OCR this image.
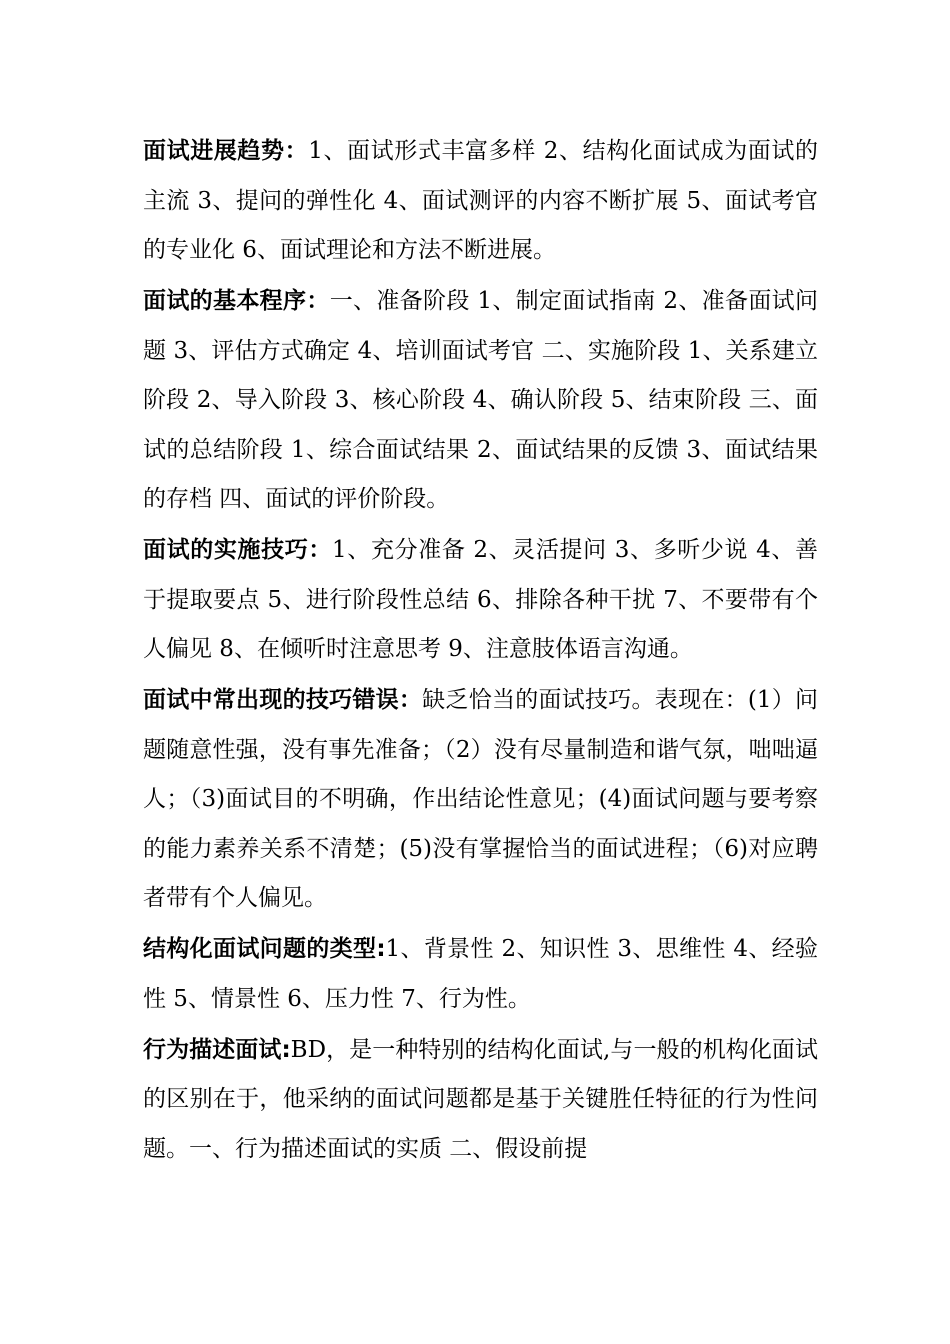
面试进展趋势：1、面试形式丰富多样 2、结构化面试成为面试的主流 3、提问的弹性化 4、面试测评的内容不断扩展 5、面试考官的专业化 6、面试理论和方法不断进展。

面试的基本程序：一、准备阶段 1、制定面试指南 2、准备面试问题 3、评估方式确定 4、培训面试考官 二、实施阶段 1、关系建立阶段 2、导入阶段 3、核心阶段 4、确认阶段 5、结束阶段 三、面试的总结阶段 1、综合面试结果 2、面试结果的反馈 3、面试结果的存档 四、面试的评价阶段。

面试的实施技巧：1、充分准备 2、灵活提问 3、多听少说 4、善于提取要点 5、进行阶段性总结 6、排除各种干扰 7、不要带有个人偏见 8、在倾听时注意思考 9、注意肢体语言沟通。

面试中常出现的技巧错误：缺乏恰当的面试技巧。表现在：(1）问题随意性强，没有事先准备；（2）没有尽量制造和谐气氛，咄咄逼人；（3)面试目的不明确，作出结论性意见；(4)面试问题与要考察的能力素养关系不清楚；(5)没有掌握恰当的面试进程；（6)对应聘者带有个人偏见。

结构化面试问题的类型:1、背景性 2、知识性 3、思维性 4、经验性 5、情景性 6、压力性 7、行为性。

行为描述面试:BD，是一种特别的结构化面试,与一般的机构化面试的区别在于，他采纳的面试问题都是基于关键胜任特征的行为性问题。一、行为描述面试的实质 二、假设前提
